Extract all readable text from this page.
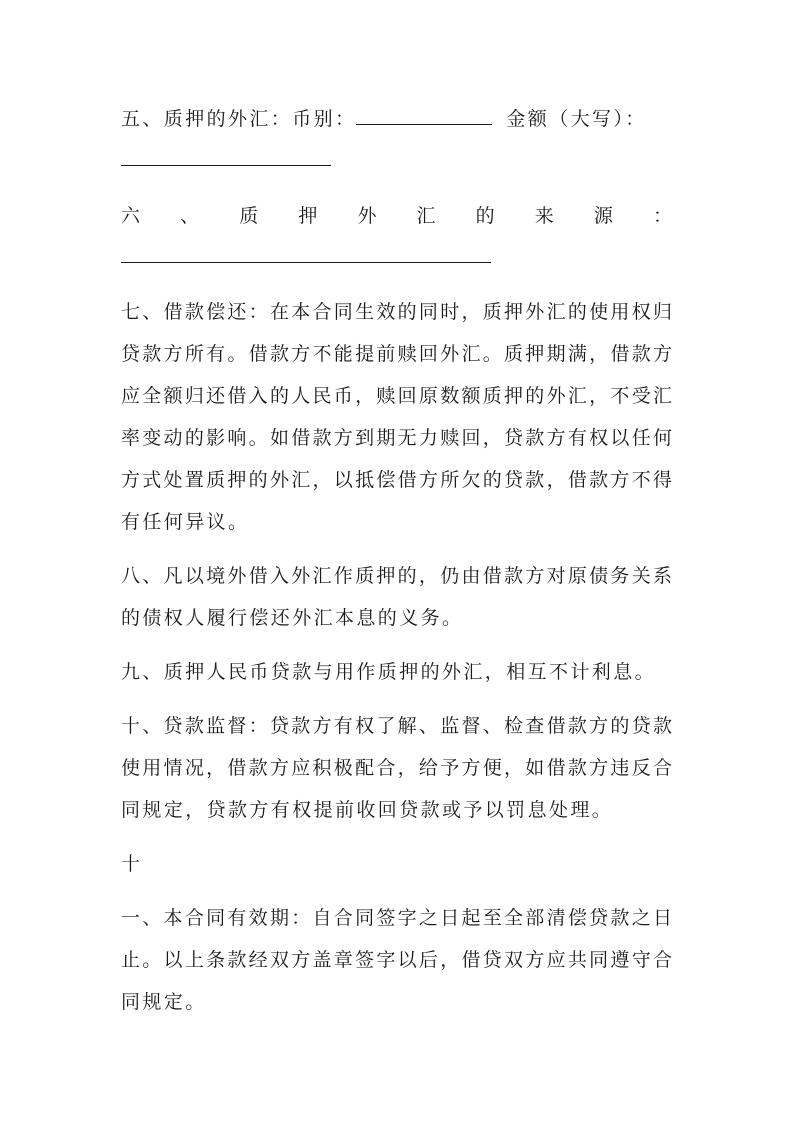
五、质押的外汇：币别：	金额（大写）：
六 、 质 押 外 汇 的 来 源 ：
七、借款偿还：在本合同生效的同时，质押外汇的使用权归
贷款方所有。借款方不能提前赎回外汇。质押期满，借款方
应全额归还借入的人民币，赎回原数额质押的外汇，不受汇
率变动的影响。如借款方到期无力赎回，贷款方有权以任何
方式处置质押的外汇，以抵偿借方所欠的贷款，借款方不得
有任何异议。
八、凡以境外借入外汇作质押的，仍由借款方对原债务关系
的债权人履行偿还外汇本息的义务。
九、质押人民币贷款与用作质押的外汇，相互不计利息。
十、贷款监督：贷款方有权了解、监督、检查借款方的贷款
使用情况，借款方应积极配合，给予方便，如借款方违反合
同规定，贷款方有权提前收回贷款或予以罚息处理。
十
一、本合同有效期：自合同签字之日起至全部清偿贷款之日
止。以上条款经双方盖章签字以后，借贷双方应共同遵守合
同规定。
